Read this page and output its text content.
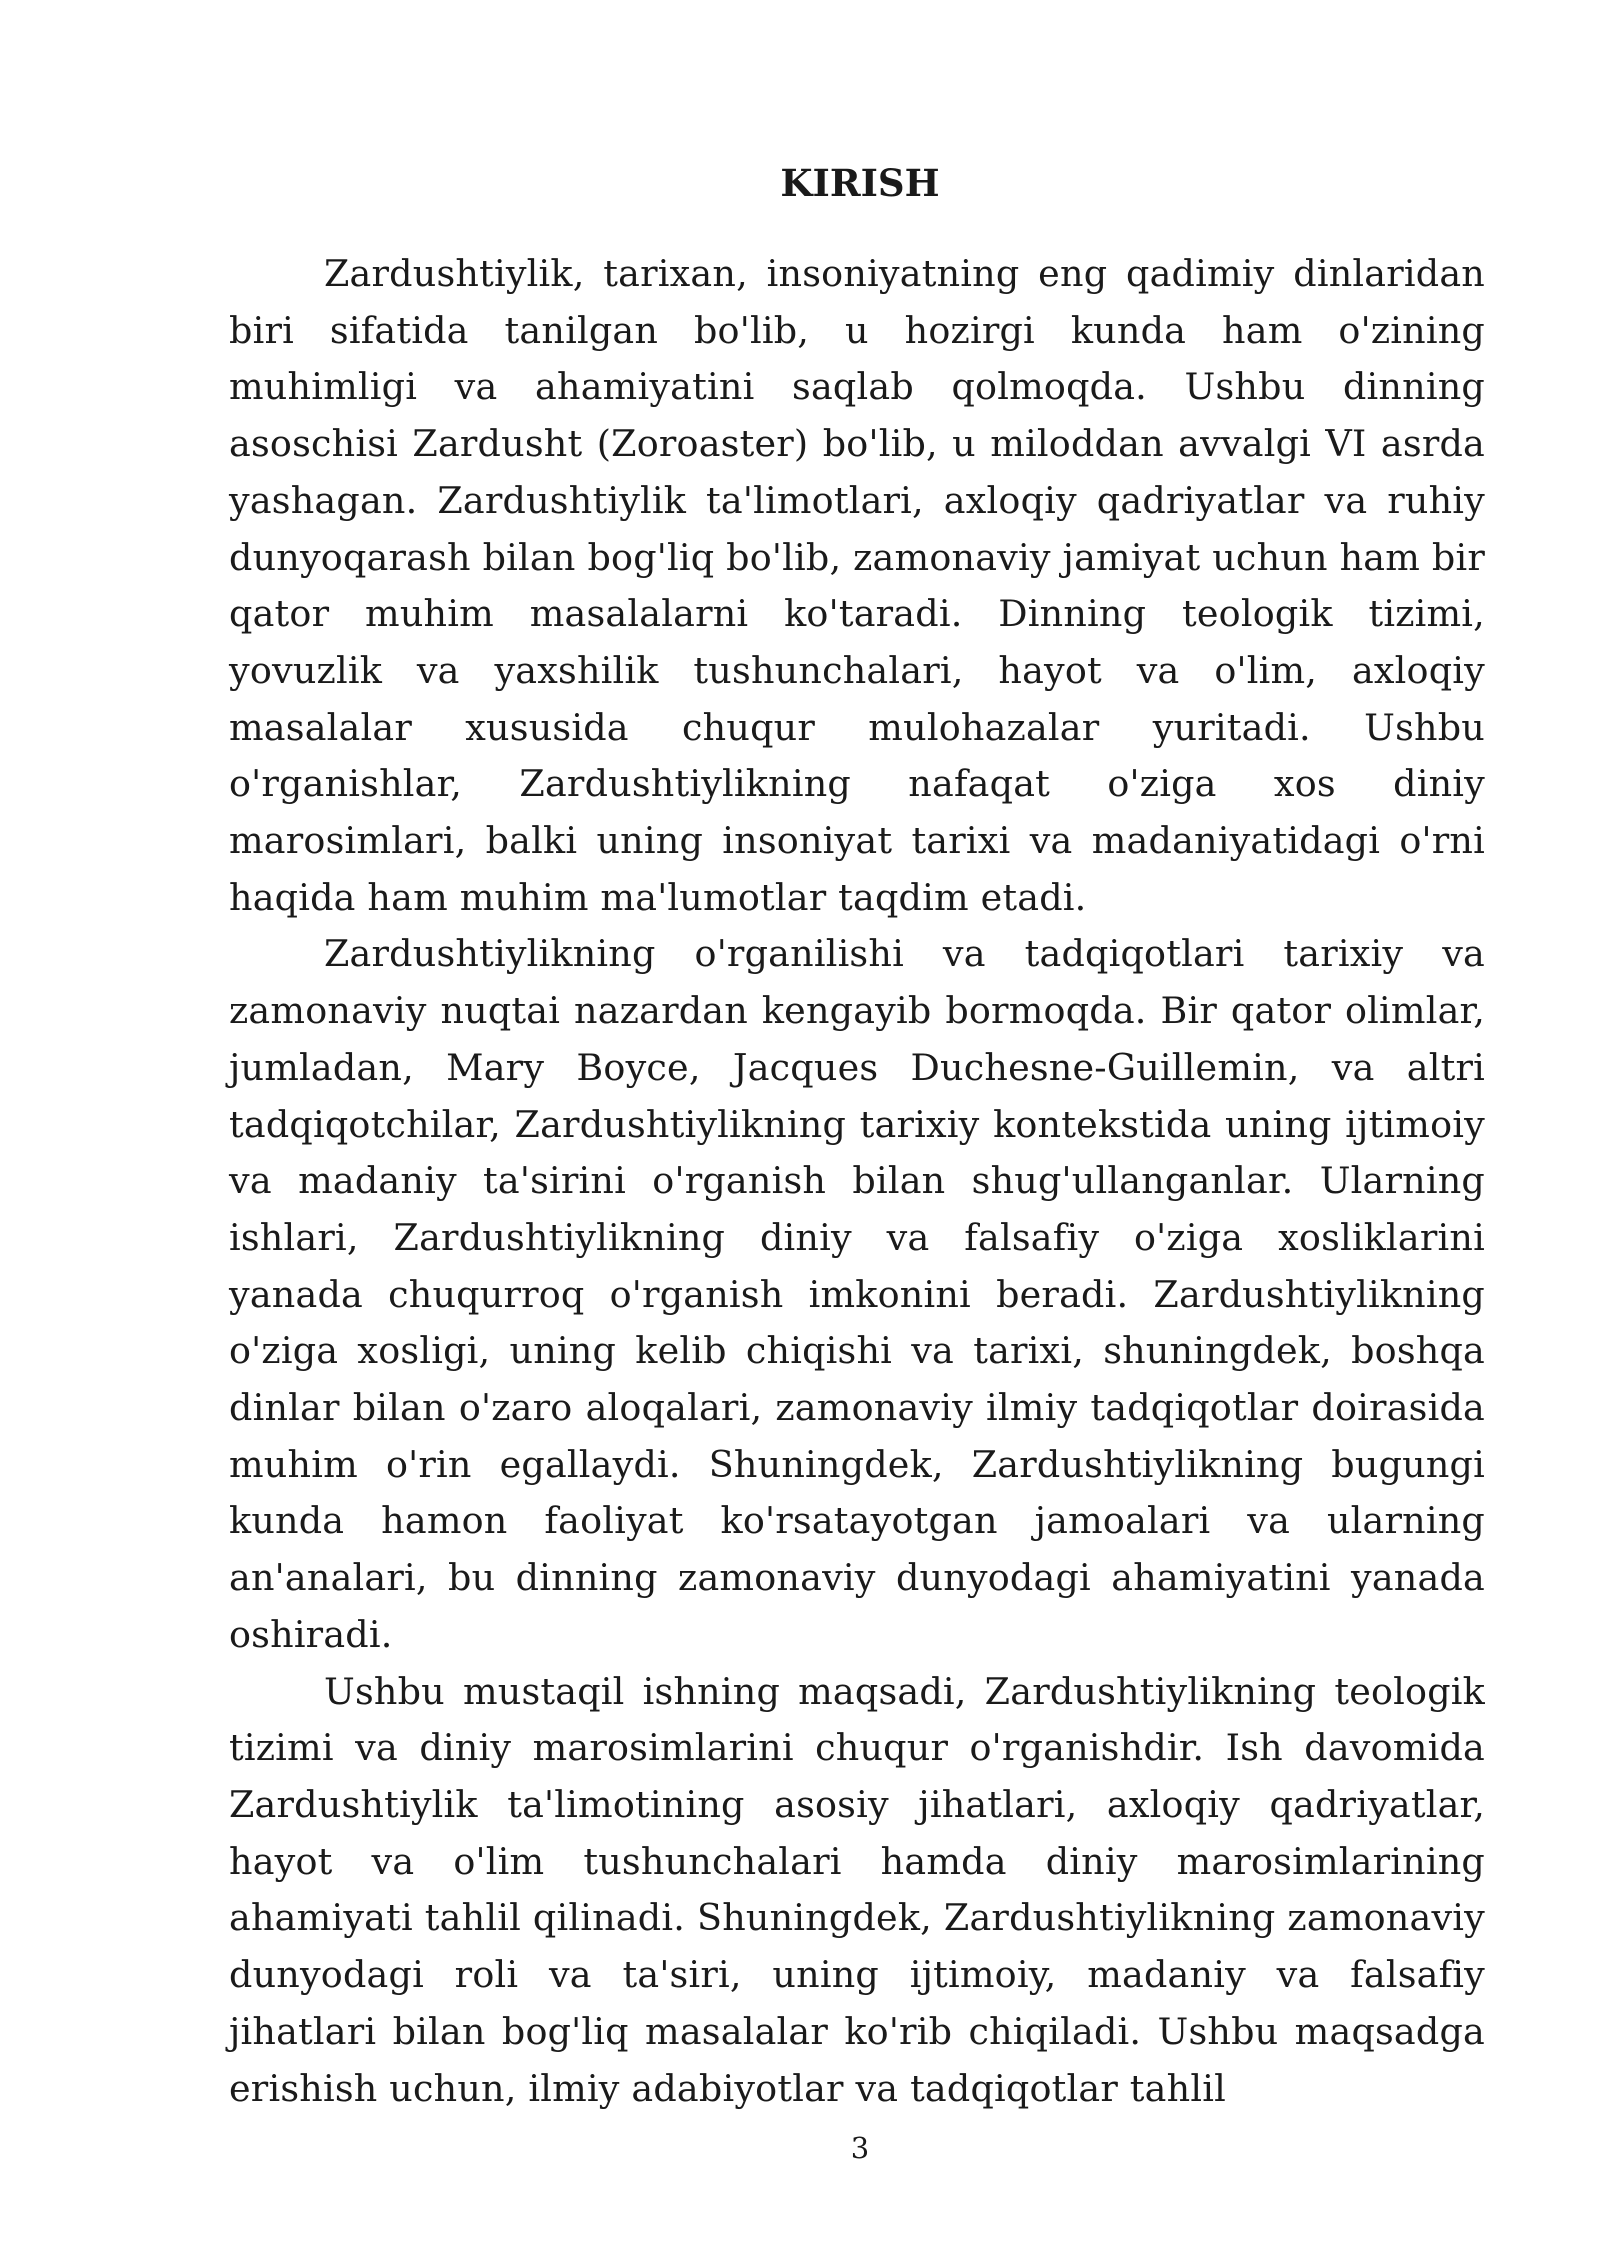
KIRISH

Zardushtiylik, tarixan, insoniyatning eng qadimiy dinlaridan biri sifatida tanilgan bo'lib, u hozirgi kunda ham o'zining muhimligi va ahamiyatini saqlab qolmoqda. Ushbu dinning asoschisi Zardusht (Zoroaster) bo'lib, u miloddan avvalgi VI asrda yashagan. Zardushtiylik ta'limotlari, axloqiy qadriyatlar va ruhiy dunyoqarash bilan bog'liq bo'lib, zamonaviy jamiyat uchun ham bir qator muhim masalalarni ko'taradi. Dinning teologik tizimi, yovuzlik va yaxshilik tushunchalari, hayot va o'lim, axloqiy masalalar xususida chuqur mulohazalar yuritadi. Ushbu o'rganishlar, Zardushtiylikning nafaqat o'ziga xos diniy marosimlari, balki uning insoniyat tarixi va madaniyatidagi o'rni haqida ham muhim ma'lumotlar taqdim etadi.

Zardushtiylikning o'rganilishi va tadqiqotlari tarixiy va zamonaviy nuqtai nazardan kengayib bormoqda. Bir qator olimlar, jumladan, Mary Boyce, Jacques Duchesne-Guillemin, va altri tadqiqotchilar, Zardushtiylikning tarixiy kontekstida uning ijtimoiy va madaniy ta'sirini o'rganish bilan shug'ullanganlar. Ularning ishlari, Zardushtiylikning diniy va falsafiy o'ziga xosliklarini yanada chuqurroq o'rganish imkonini beradi. Zardushtiylikning o'ziga xosligi, uning kelib chiqishi va tarixi, shuningdek, boshqa dinlar bilan o'zaro aloqalari, zamonaviy ilmiy tadqiqotlar doirasida muhim o'rin egallaydi. Shuningdek, Zardushtiylikning bugungi kunda hamon faoliyat ko'rsatayotgan jamoalari va ularning an'analari, bu dinning zamonaviy dunyodagi ahamiyatini yanada oshiradi.

Ushbu mustaqil ishning maqsadi, Zardushtiylikning teologik tizimi va diniy marosimlarini chuqur o'rganishdir. Ish davomida Zardushtiylik ta'limotining asosiy jihatlari, axloqiy qadriyatlar, hayot va o'lim tushunchalari hamda diniy marosimlarining ahamiyati tahlil qilinadi. Shuningdek, Zardushtiylikning zamonaviy dunyodagi roli va ta'siri, uning ijtimoiy, madaniy va falsafiy jihatlari bilan bog'liq masalalar ko'rib chiqiladi. Ushbu maqsadga erishish uchun, ilmiy adabiyotlar va tadqiqotlar tahlil

3
